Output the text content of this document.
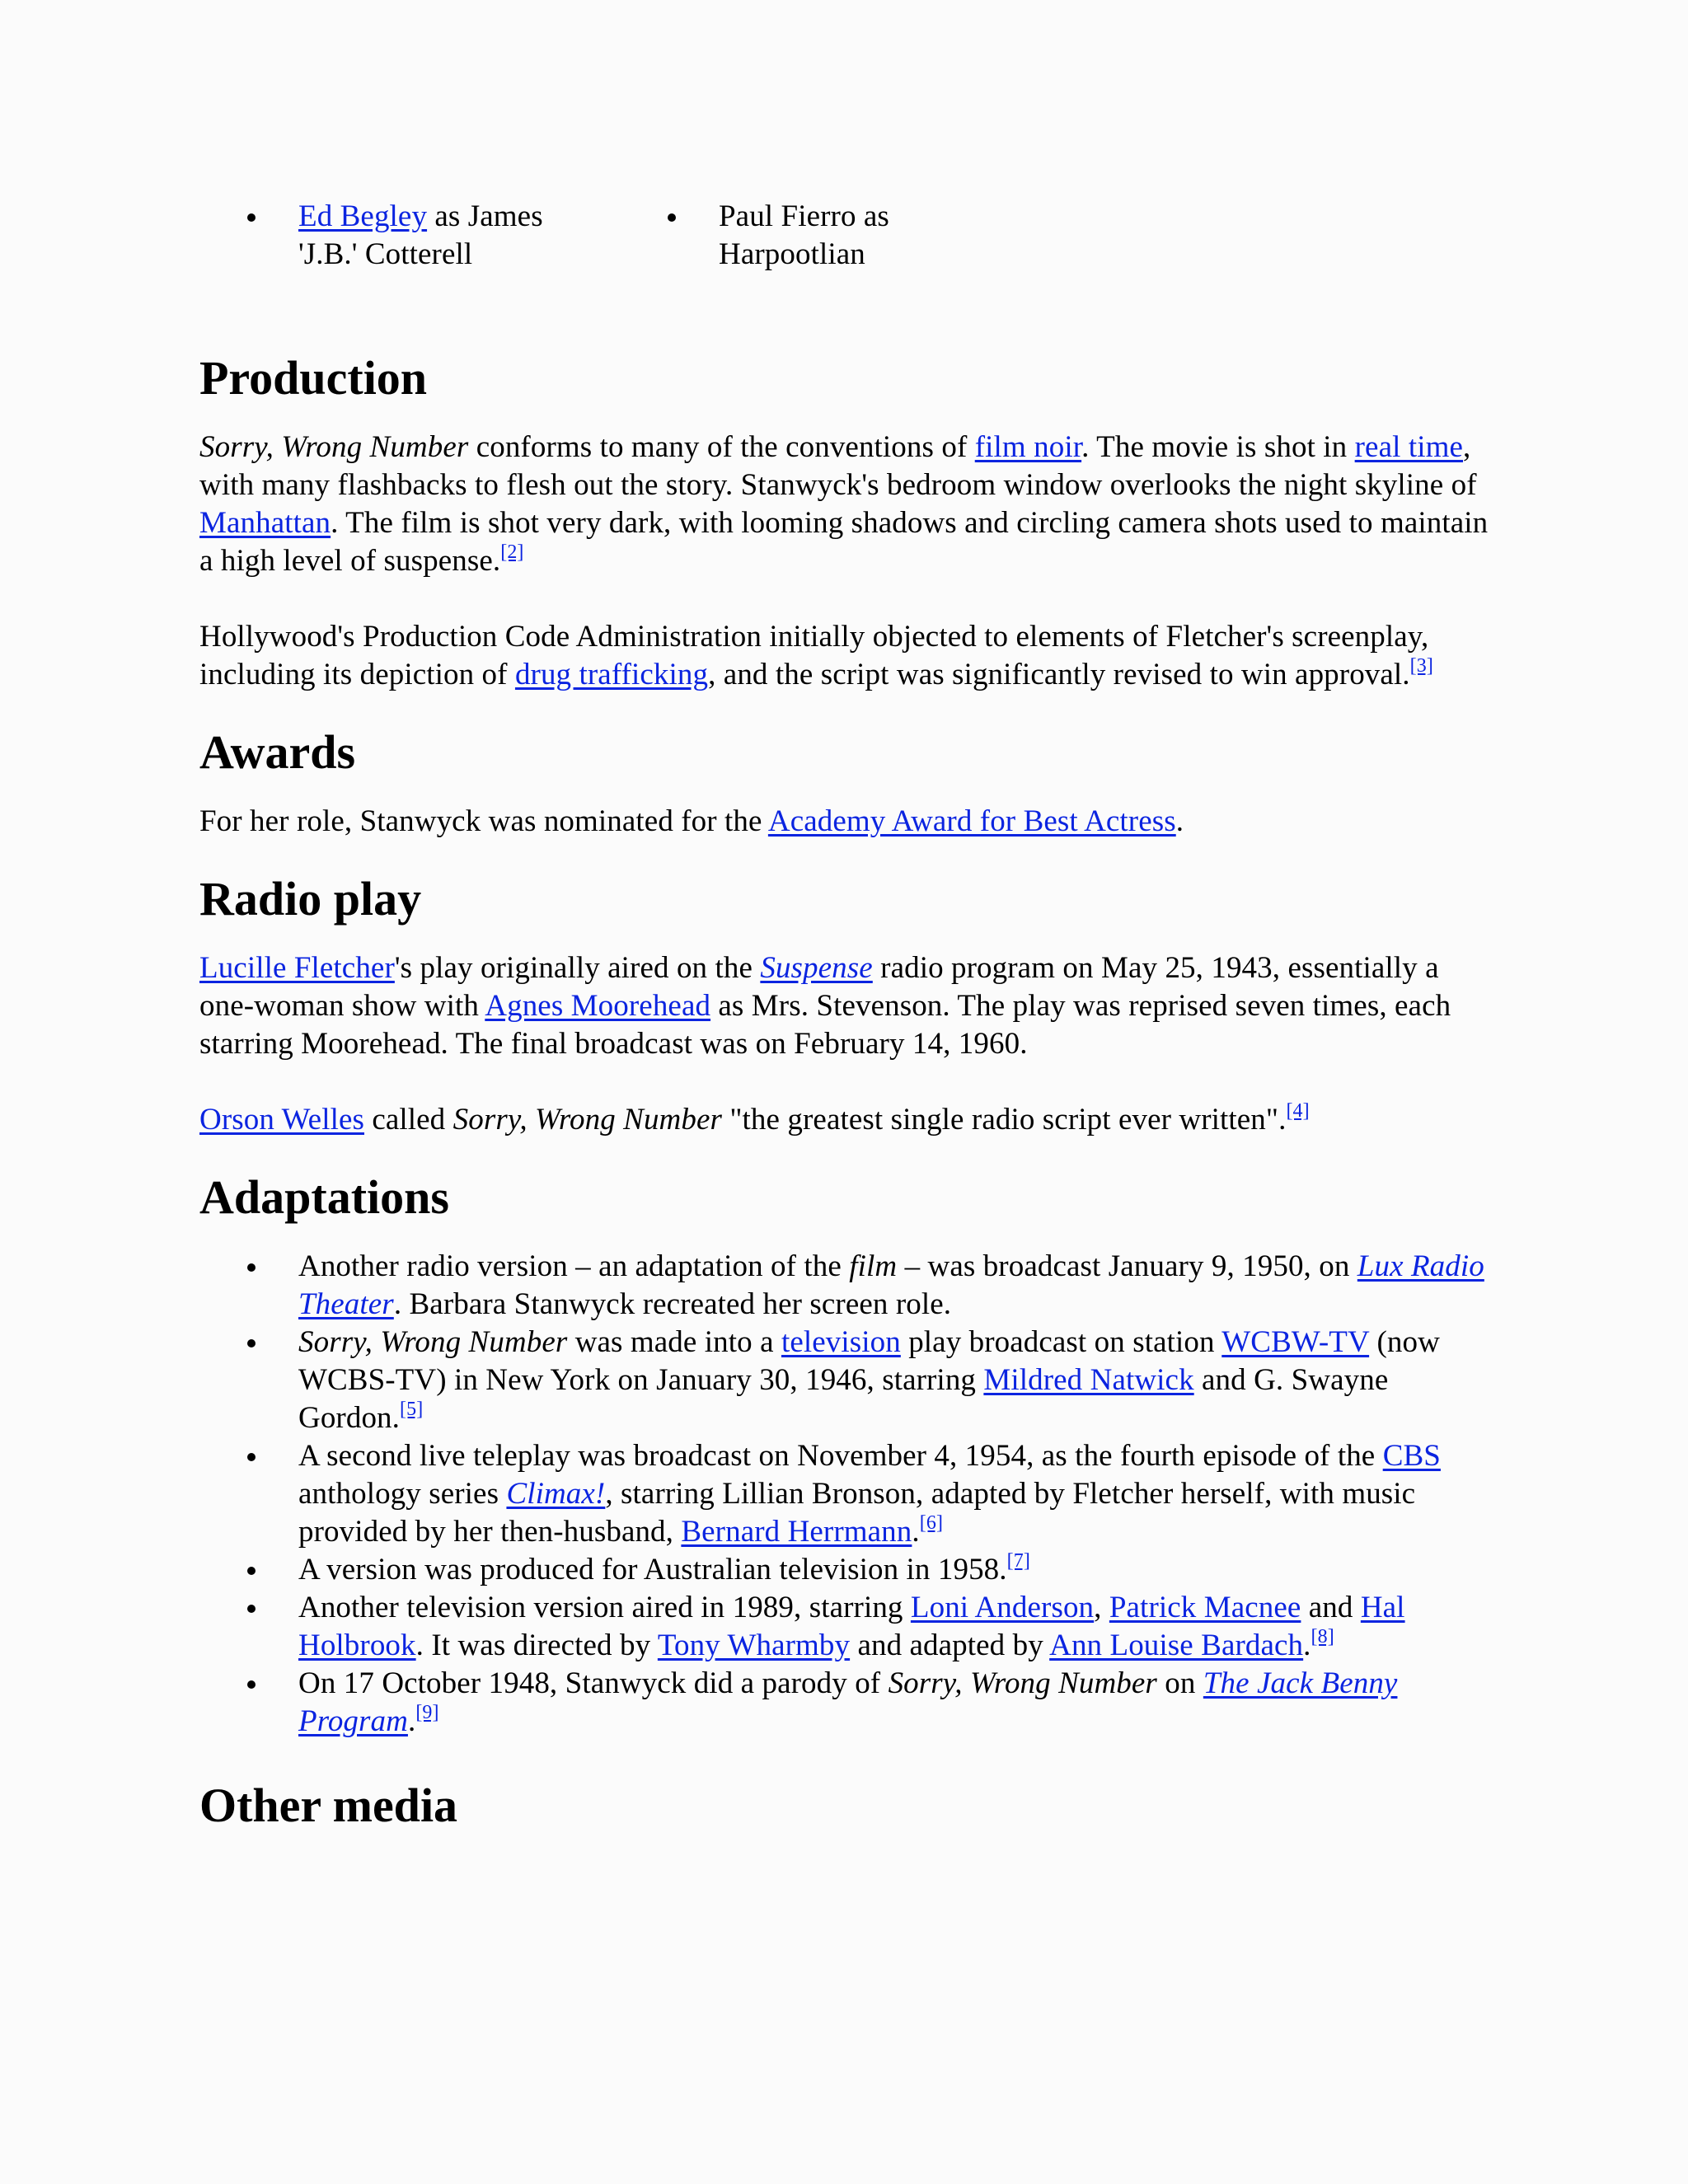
Ed Begley as James 'J.B.' Cotterell
Paul Fierro as Harpootlian
Production

Sorry, Wrong Number conforms to many of the conventions of film noir. The movie is shot in real time, with many flashbacks to flesh out the story. Stanwyck's bedroom window overlooks the night skyline of Manhattan. The film is shot very dark, with looming shadows and circling camera shots used to maintain a high level of suspense.[2]

Hollywood's Production Code Administration initially objected to elements of Fletcher's screenplay, including its depiction of drug trafficking, and the script was significantly revised to win approval.[3]

Awards

For her role, Stanwyck was nominated for the Academy Award for Best Actress.

Radio play

Lucille Fletcher's play originally aired on the Suspense radio program on May 25, 1943, essentially a one-woman show with Agnes Moorehead as Mrs. Stevenson. The play was reprised seven times, each starring Moorehead. The final broadcast was on February 14, 1960.

Orson Welles called Sorry, Wrong Number "the greatest single radio script ever written".[4]

Adaptations
Another radio version – an adaptation of the film – was broadcast January 9, 1950, on Lux Radio Theater. Barbara Stanwyck recreated her screen role.
Sorry, Wrong Number was made into a television play broadcast on station WCBW-TV (now WCBS-TV) in New York on January 30, 1946, starring Mildred Natwick and G. Swayne Gordon.[5]
A second live teleplay was broadcast on November 4, 1954, as the fourth episode of the CBS anthology series Climax!, starring Lillian Bronson, adapted by Fletcher herself, with music provided by her then-husband, Bernard Herrmann.[6]
A version was produced for Australian television in 1958.[7]
Another television version aired in 1989, starring Loni Anderson, Patrick Macnee and Hal Holbrook. It was directed by Tony Wharmby and adapted by Ann Louise Bardach.[8]
On 17 October 1948, Stanwyck did a parody of Sorry, Wrong Number on The Jack Benny Program.[9]
Other media
